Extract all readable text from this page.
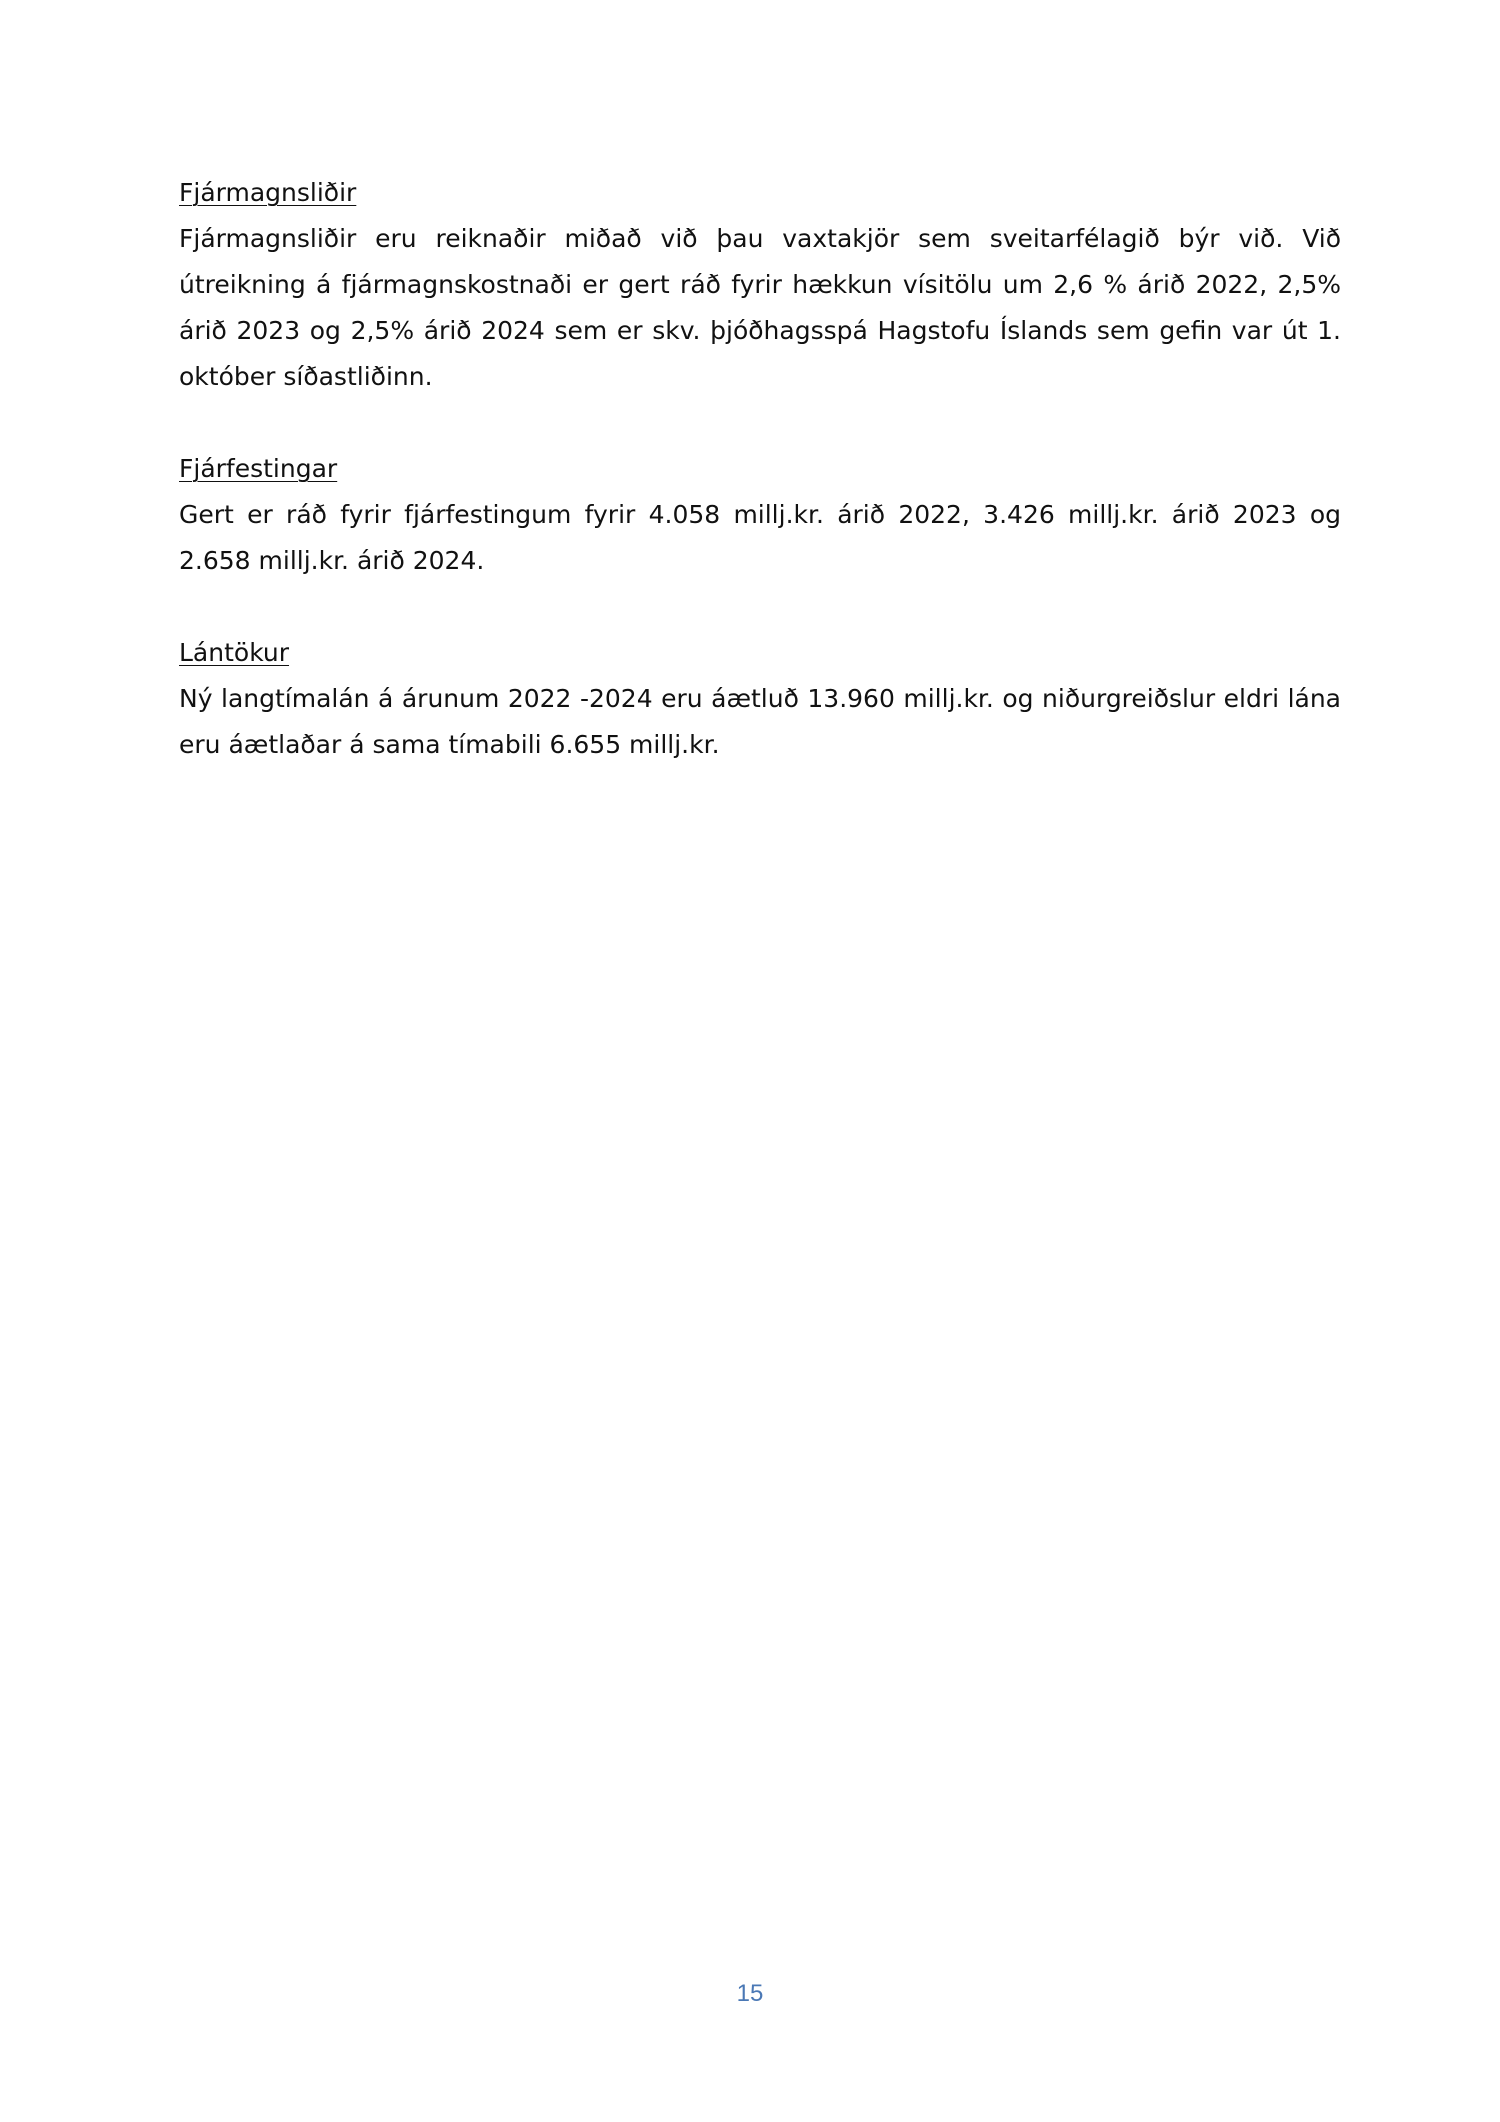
Fjármagnsliðir

Fjármagnsliðir eru reiknaðir miðað við þau vaxtakjör sem sveitarfélagið býr við. Við útreikning á fjármagnskostnaði er gert ráð fyrir hækkun vísitölu um 2,6 % árið 2022, 2,5% árið 2023 og 2,5% árið 2024 sem er skv. þjóðhagsspá Hagstofu Íslands sem gefin var út 1. október síðastliðinn.

Fjárfestingar

Gert er ráð fyrir fjárfestingum fyrir 4.058 millj.kr. árið 2022, 3.426 millj.kr. árið 2023 og 2.658 millj.kr. árið 2024.

Lántökur

Ný langtímalán á árunum 2022 -2024 eru áætluð 13.960 millj.kr. og niðurgreiðslur eldri lána eru áætlaðar á sama tímabili 6.655 millj.kr.

15
